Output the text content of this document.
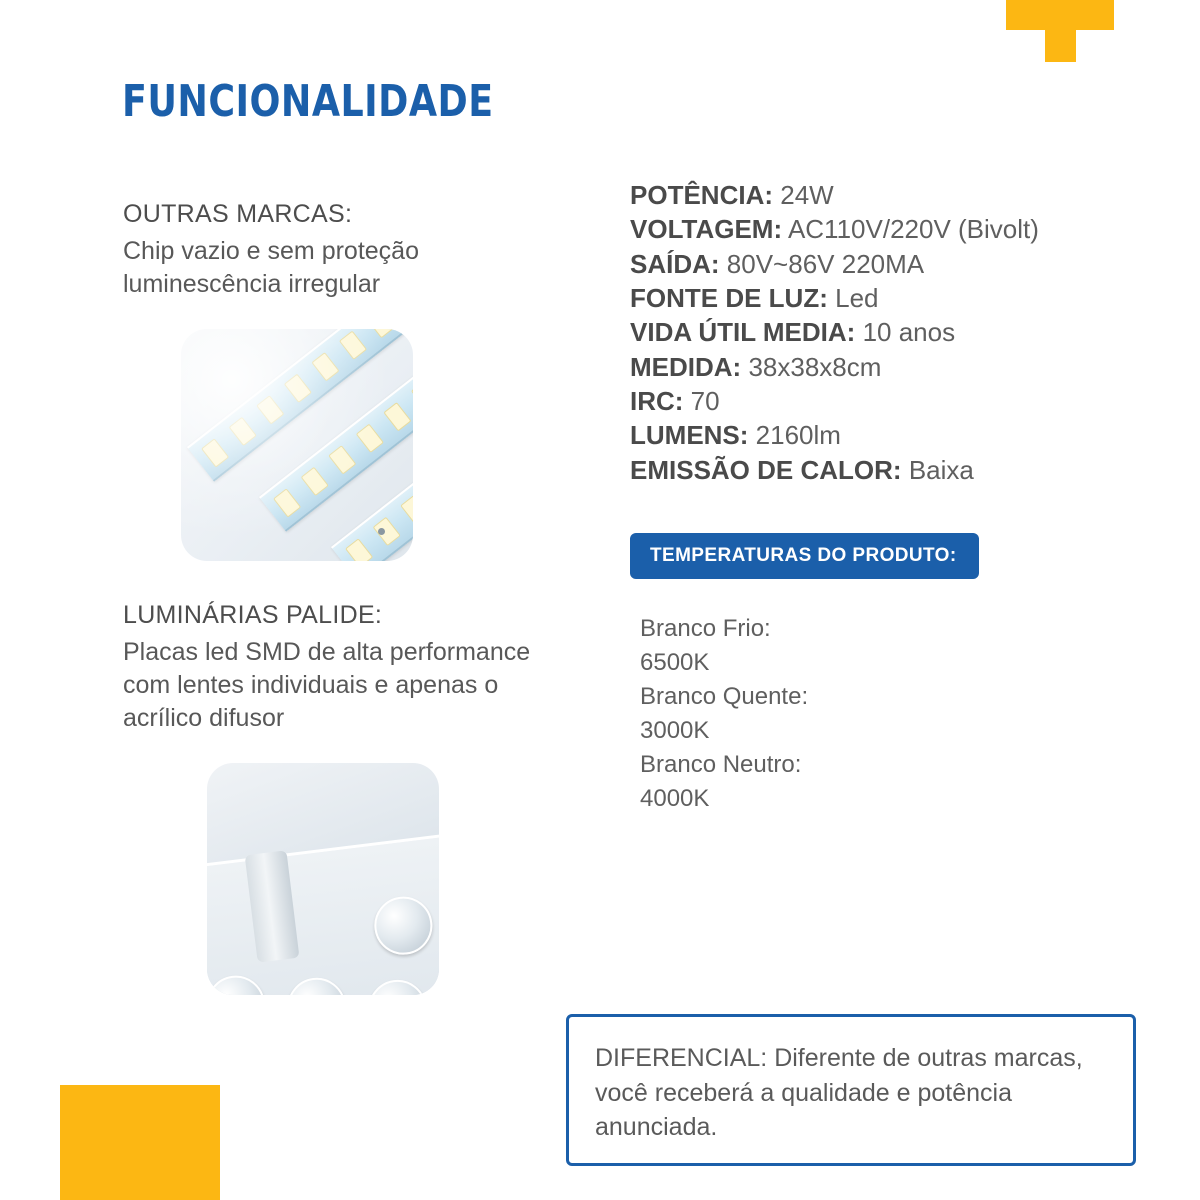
FUNCIONALIDADE

OUTRAS MARCAS:

Chip vazio e sem proteção luminescência irregular

LUMINÁRIAS PALIDE:

Placas led SMD de alta performance com lentes individuais e apenas o acrílico difusor

POTÊNCIA: 24W
VOLTAGEM: AC110V/220V (Bivolt)
SAÍDA: 80V~86V 220MA
FONTE DE LUZ: Led
VIDA ÚTIL MEDIA: 10 anos
MEDIDA: 38x38x8cm
IRC: 70
LUMENS: 2160lm
EMISSÃO DE CALOR: Baixa
TEMPERATURAS DO PRODUTO:
Branco Frio:
6500K
Branco Quente:
3000K
Branco Neutro:
4000K

DIFERENCIAL: Diferente de outras marcas, você receberá a qualidade e potência anunciada.
